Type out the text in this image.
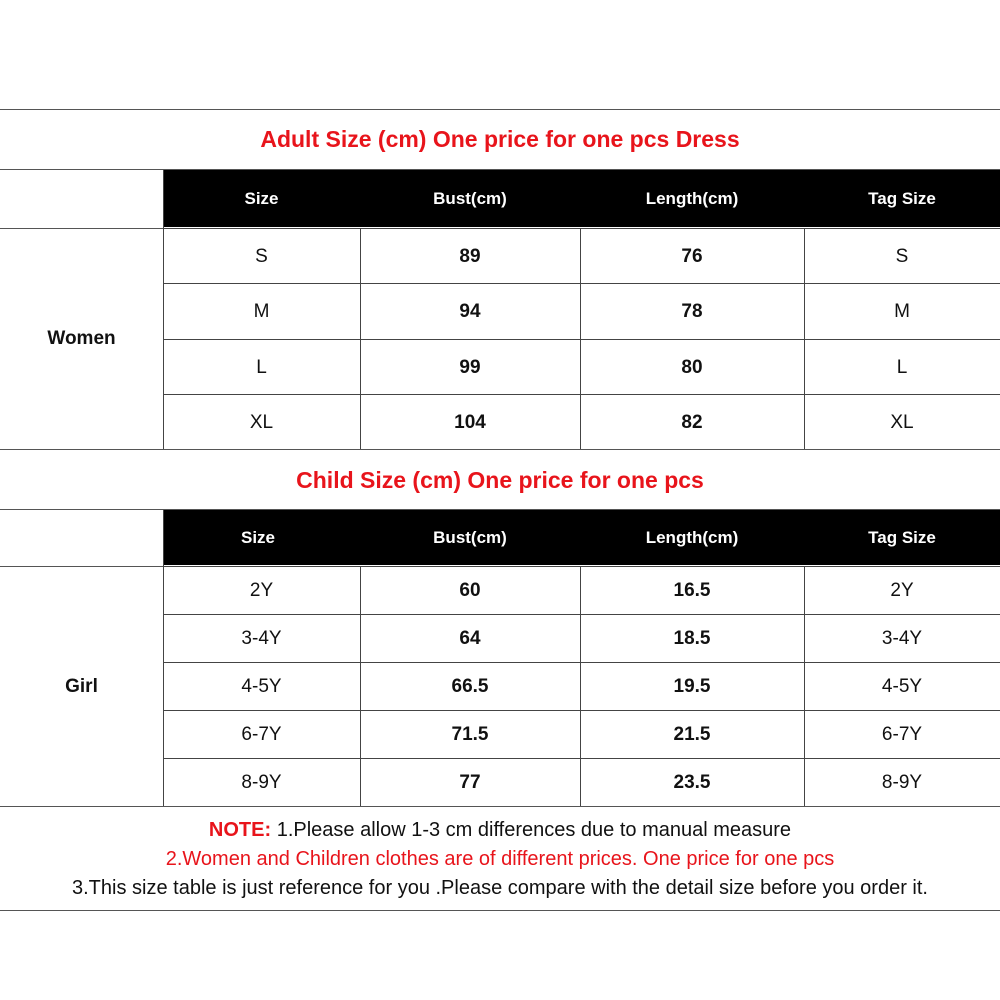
Adult Size (cm) One price for one pcs Dress
Size	Bust(cm)	Length(cm)	Tag Size
Women
S	89	76	S
M	94	78	M
L	99	80	L
XL	104	82	XL
Child Size (cm) One price for one pcs
Size	Bust(cm)	Length(cm)	Tag Size
Girl
2Y	60	16.5	2Y
3-4Y	64	18.5	3-4Y
4-5Y	66.5	19.5	4-5Y
6-7Y	71.5	21.5	6-7Y
8-9Y	77	23.5	8-9Y
NOTE: 1.Please allow 1-3 cm differences due to manual measure
2.Women and Children clothes are of different prices. One price for one pcs
3.This size table is just reference for you .Please compare with the detail size before you order it.
